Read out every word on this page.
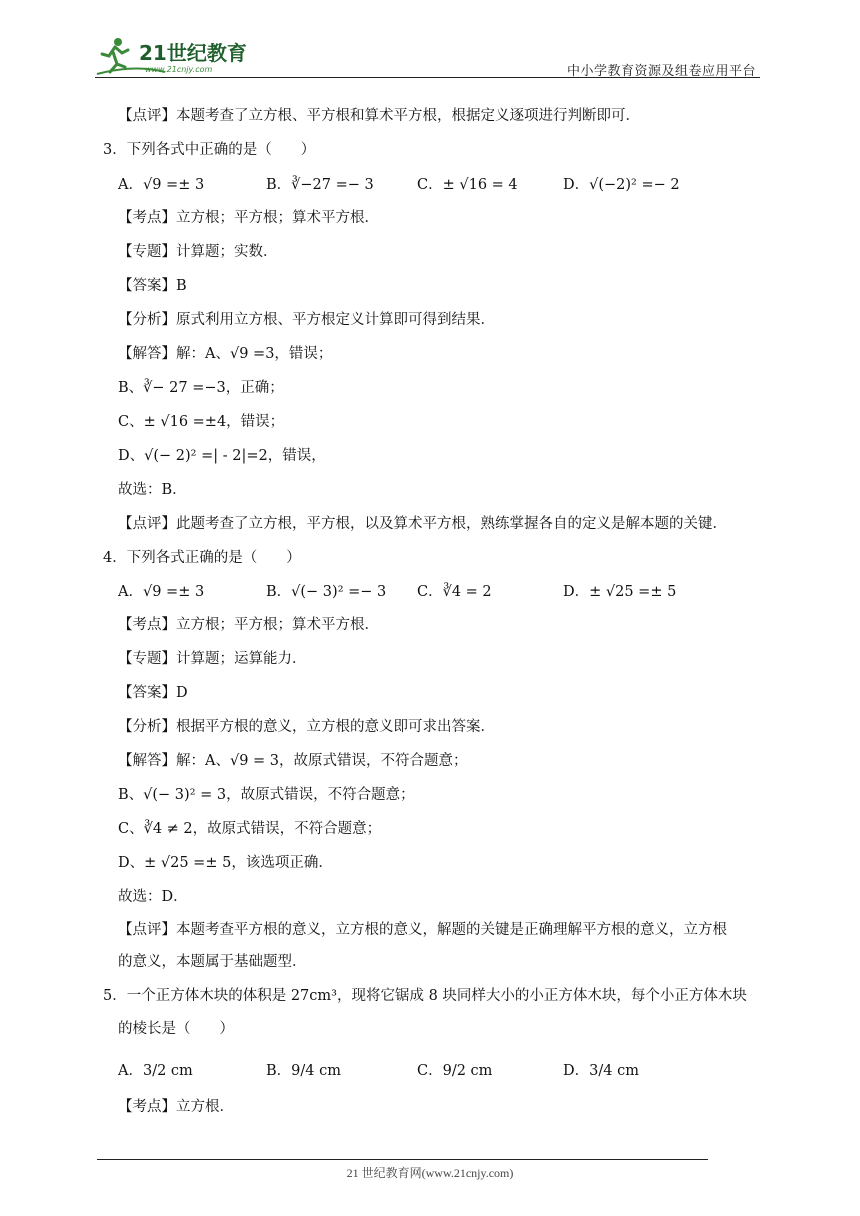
21世纪教育
www.21cnjy.com	中小学教育资源及组卷应用平台
【点评】本题考查了立方根、平方根和算术平方根，根据定义逐项进行判断即可．
3．下列各式中正确的是（　　）
A．√9 =± 3	B．∛−27 =− 3	C．± √16 = 4	D．√(−2)² =− 2
【考点】立方根；平方根；算术平方根．
【专题】计算题；实数．
【答案】B
【分析】原式利用立方根、平方根定义计算即可得到结果．
【解答】解：A、√9 =3，错误；
B、∛− 27 =−3，正确；
C、± √16 =±4，错误；
D、√(− 2)² =| - 2|=2，错误，
故选：B．
【点评】此题考查了立方根，平方根，以及算术平方根，熟练掌握各自的定义是解本题的关键．
4．下列各式正确的是（　　）
A．√9 =± 3	B．√(− 3)² =− 3 C．∛4 = 2	D．± √25 =± 5
【考点】立方根；平方根；算术平方根．
【专题】计算题；运算能力．
【答案】D
【分析】根据平方根的意义，立方根的意义即可求出答案．
【解答】解：A、√9 = 3，故原式错误，不符合题意；
B、√(− 3)² = 3，故原式错误，不符合题意；
C、∛4 ≠ 2，故原式错误，不符合题意；
D、± √25 =± 5，该选项正确．
故选：D．
【点评】本题考查平方根的意义，立方根的意义，解题的关键是正确理解平方根的意义，立方根
的意义，本题属于基础题型．
5．一个正方体木块的体积是 27cm³，现将它锯成 8 块同样大小的小正方体木块，每个小正方体木块
的棱长是（　　）
A．3/2 cm	B．9/4 cm	C．9/2 cm	D．3/4 cm
【考点】立方根．
21 世纪教育网(www.21cnjy.com)
